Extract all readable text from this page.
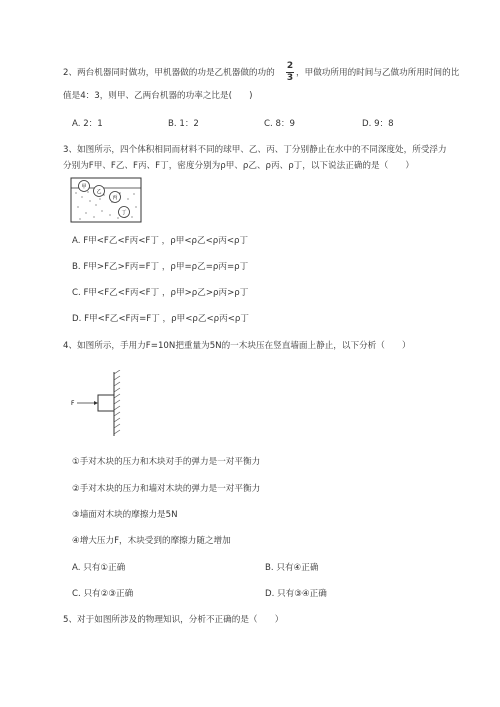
2、两台机器同时做功，甲机器做的功是乙机器做的功的
2
3 ，甲做功所用的时间与乙做功所用时间的比
值是4：3，则甲、乙两台机器的功率之比是(　　)
A. 2：1	B. 1：2	C. 8：9	D. 9：8
3、如图所示，四个体积相同而材料不同的球甲、乙、丙、丁分别静止在水中的不同深度处，所受浮力
分别为F甲、F乙、F丙、F丁，密度分别为ρ甲、ρ乙、ρ丙、ρ丁，以下说法正确的是（　　）
甲
乙
丙
丁
A. F甲<F乙<F丙<F丁 ，ρ甲<ρ乙<ρ丙<ρ丁
B. F甲>F乙>F丙=F丁 ，ρ甲=ρ乙=ρ丙=ρ丁
C. F甲<F乙<F丙<F丁 ，ρ甲>ρ乙>ρ丙>ρ丁
D. F甲<F乙<F丙=F丁 ，ρ甲<ρ乙<ρ丙<ρ丁
4、如图所示，手用力F=10N把重量为5N的一木块压在竖直墙面上静止，以下分析（　　）
F
①手对木块的压力和木块对手的弹力是一对平衡力
②手对木块的压力和墙对木块的弹力是一对平衡力
③墙面对木块的摩擦力是5N
④增大压力F，木块受到的摩擦力随之增加
A. 只有①正确	B. 只有④正确
C. 只有②③正确	D. 只有③④正确
5、对于如图所涉及的物理知识，分析不正确的是（　　）
